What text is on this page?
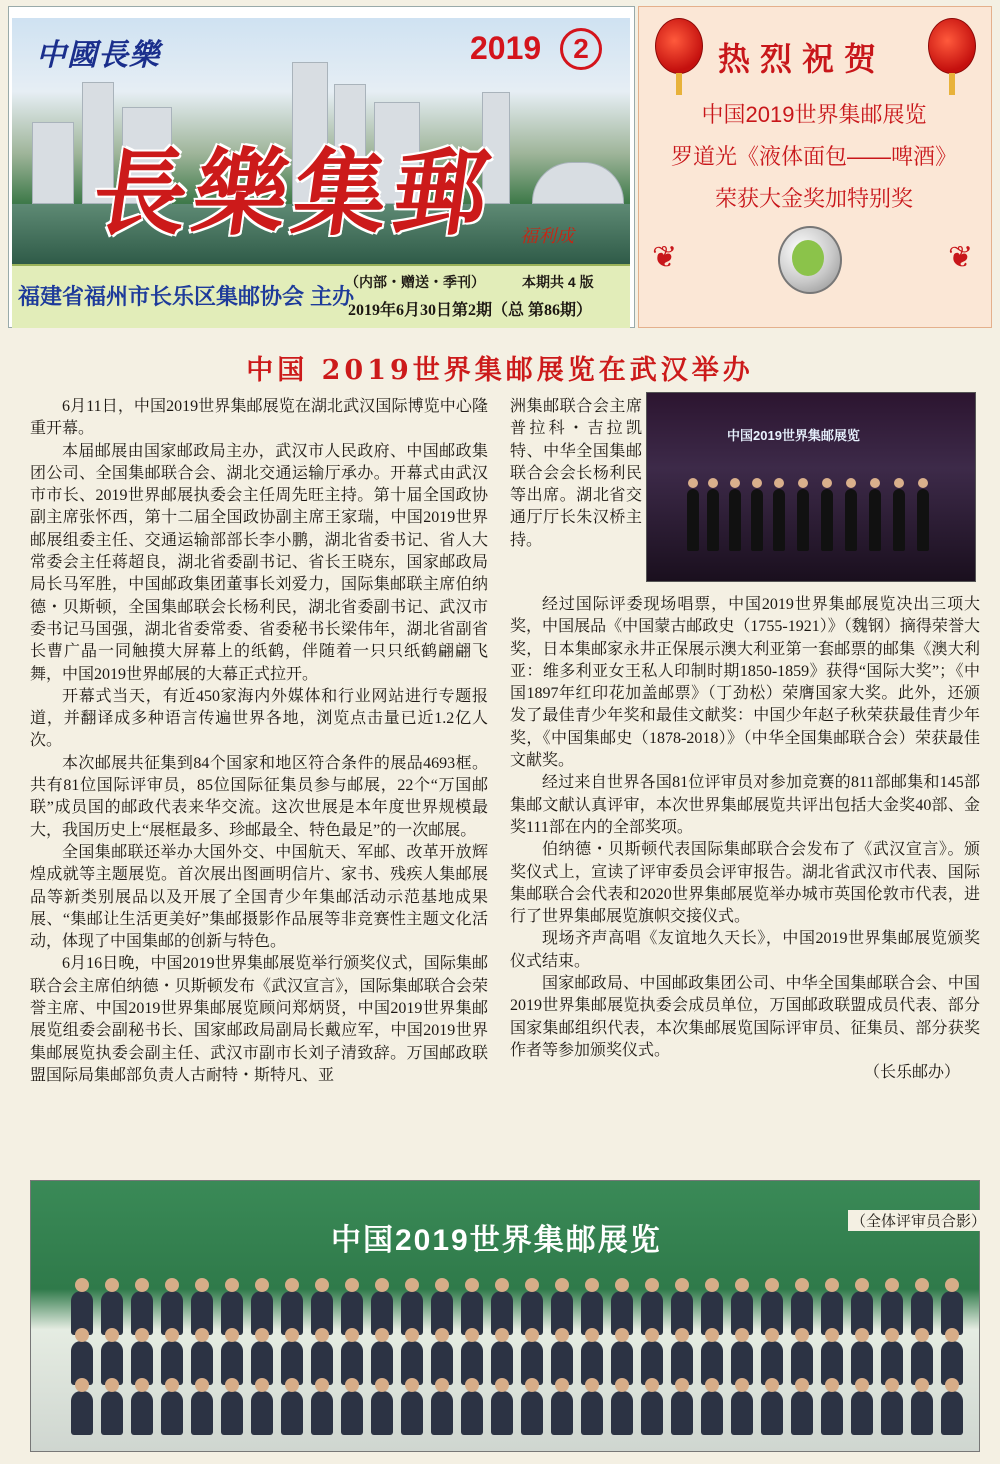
中國長樂
長樂集郵
2019	2
福利成
福建省福州市长乐区集邮协会 主办
（内部・赠送・季刊）	本期共 4 版
2019年6月30日第2期（总 第86期）
热烈祝贺
中国2019世界集邮展览
罗道光《液体面包——啤酒》
荣获大金奖加特别奖
❦	❦
中国 2019世界集邮展览在武汉举办

6月11日，中国2019世界集邮展览在湖北武汉国际博览中心隆重开幕。

本届邮展由国家邮政局主办，武汉市人民政府、中国邮政集团公司、全国集邮联合会、湖北交通运输厅承办。开幕式由武汉市市长、2019世界邮展执委会主任周先旺主持。第十届全国政协副主席张怀西，第十二届全国政协副主席王家瑞，中国2019世界邮展组委主任、交通运输部部长李小鹏，湖北省委书记、省人大常委会主任蒋超良，湖北省委副书记、省长王晓东，国家邮政局局长马军胜，中国邮政集团董事长刘爱力，国际集邮联主席伯纳德・贝斯顿，全国集邮联会长杨利民，湖北省委副书记、武汉市委书记马国强，湖北省委常委、省委秘书长梁伟年，湖北省副省长曹广晶一同触摸大屏幕上的纸鹤，伴随着一只只纸鹤翩翩飞舞，中国2019世界邮展的大幕正式拉开。

开幕式当天，有近450家海内外媒体和行业网站进行专题报道，并翻译成多种语言传遍世界各地，浏览点击量已近1.2亿人次。

本次邮展共征集到84个国家和地区符合条件的展品4693框。共有81位国际评审员，85位国际征集员参与邮展，22个“万国邮联”成员国的邮政代表来华交流。这次世展是本年度世界规模最大，我国历史上“展框最多、珍邮最全、特色最足”的一次邮展。

全国集邮联还举办大国外交、中国航天、军邮、改革开放辉煌成就等主题展览。首次展出图画明信片、家书、残疾人集邮展品等新类别展品以及开展了全国青少年集邮活动示范基地成果展、“集邮让生活更美好”集邮摄影作品展等非竞赛性主题文化活动，体现了中国集邮的创新与特色。

6月16日晚，中国2019世界集邮展览举行颁奖仪式，国际集邮联合会主席伯纳德・贝斯顿发布《武汉宣言》，国际集邮联合会荣誉主席、中国2019世界集邮展览顾问郑炳贤，中国2019世界集邮展览组委会副秘书长、国家邮政局副局长戴应军，中国2019世界集邮展览执委会副主任、武汉市副市长刘子清致辞。万国邮政联盟国际局集邮部负责人古耐特・斯特凡、亚

洲集邮联合会主席普拉科・吉拉凯特、中华全国集邮联合会会长杨利民等出席。湖北省交通厅厅长朱汉桥主持。
中国2019世界集邮展览

经过国际评委现场唱票，中国2019世界集邮展览决出三项大奖，中国展品《中国蒙古邮政史（1755-1921）》（魏钢）摘得荣誉大奖，日本集邮家永井正保展示澳大利亚第一套邮票的邮集《澳大利亚：维多利亚女王私人印制时期1850-1859》获得“国际大奖”；《中国1897年红印花加盖邮票》（丁劲松）荣膺国家大奖。此外，还颁发了最佳青少年奖和最佳文献奖：中国少年赵子秋荣获最佳青少年奖，《中国集邮史（1878-2018）》（中华全国集邮联合会）荣获最佳文献奖。

经过来自世界各国81位评审员对参加竞赛的811部邮集和145部集邮文献认真评审，本次世界集邮展览共评出包括大金奖40部、金奖111部在内的全部奖项。

伯纳德・贝斯顿代表国际集邮联合会发布了《武汉宣言》。颁奖仪式上，宣读了评审委员会评审报告。湖北省武汉市代表、国际集邮联合会代表和2020世界集邮展览举办城市英国伦敦市代表，进行了世界集邮展览旗帜交接仪式。

现场齐声高唱《友谊地久天长》，中国2019世界集邮展览颁奖仪式结束。

国家邮政局、中国邮政集团公司、中华全国集邮联合会、中国2019世界集邮展览执委会成员单位，万国邮政联盟成员代表、部分国家集邮组织代表，本次集邮展览国际评审员、征集员、部分获奖作者等参加颁奖仪式。

（长乐邮办）
中国2019世界集邮展览
（全体评审员合影）
